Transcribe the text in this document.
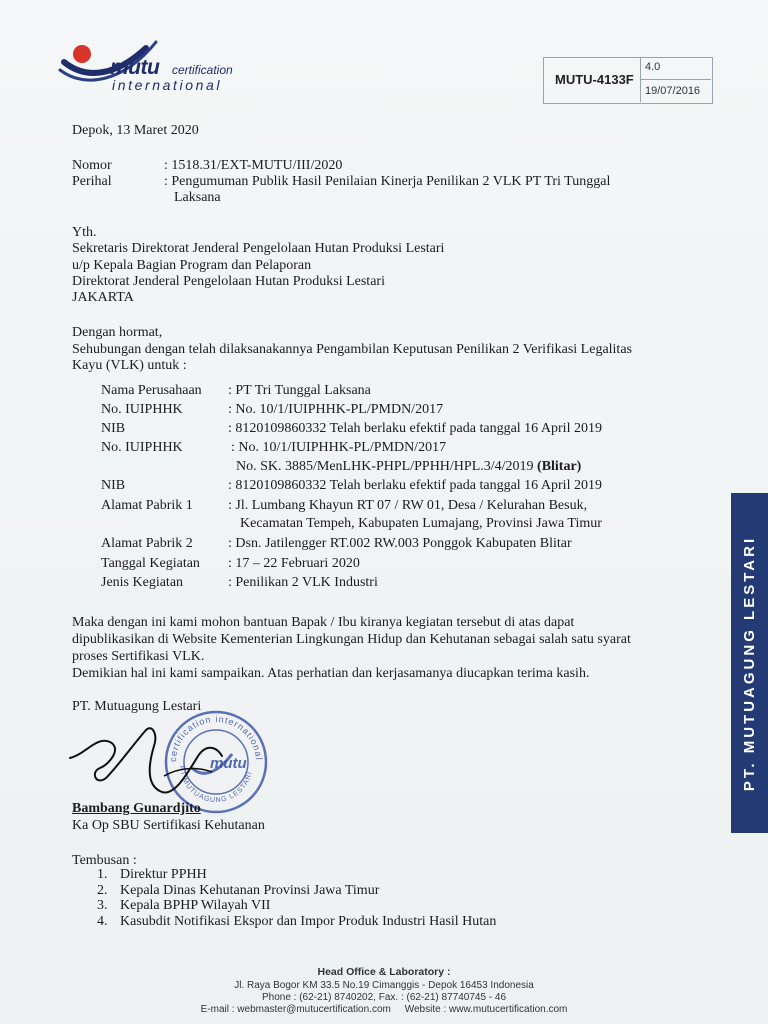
mutu certification
international	MUTU-4133F
4.0
19/07/2016
Depok, 13 Maret 2020
Nomor	: 1518.31/EXT-MUTU/III/2020
Perihal	: Pengumuman Publik Hasil Penilaian Kinerja Penilikan 2 VLK PT Tri Tunggal
Laksana
Yth.
Sekretaris Direktorat Jenderal Pengelolaan Hutan Produksi Lestari
u/p Kepala Bagian Program dan Pelaporan
Direktorat Jenderal Pengelolaan Hutan Produksi Lestari
JAKARTA
Dengan hormat,
Sehubungan dengan telah dilaksanakannya Pengambilan Keputusan Penilikan 2 Verifikasi Legalitas
Kayu (VLK) untuk :
Nama Perusahaan : PT Tri Tunggal Laksana
No. IUIPHHK	: No. 10/1/IUIPHHK-PL/PMDN/2017
NIB	: 8120109860332 Telah berlaku efektif pada tanggal 16 April 2019
No. IUIPHHK	: No. 10/1/IUIPHHK-PL/PMDN/2017
No. SK. 3885/MenLHK-PHPL/PPHH/HPL.3/4/2019 (Blitar)
NIB	: 8120109860332 Telah berlaku efektif pada tanggal 16 April 2019
Alamat Pabrik 1	: Jl. Lumbang Khayun RT 07 / RW 01, Desa / Kelurahan Besuk,
Kecamatan Tempeh, Kabupaten Lumajang, Provinsi Jawa Timur
Alamat Pabrik 2	: Dsn. Jatilengger RT.002 RW.003 Ponggok Kabupaten Blitar
Tanggal Kegiatan : 17 – 22 Februari 2020
Jenis Kegiatan	: Penilikan 2 VLK Industri
Maka dengan ini kami mohon bantuan Bapak / Ibu kiranya kegiatan tersebut di atas dapat
dipublikasikan di Website Kementerian Lingkungan Hidup dan Kehutanan sebagai salah satu syarat
proses Sertifikasi VLK.
Demikian hal ini kami sampaikan. Atas perhatian dan kerjasamanya diucapkan terima kasih.
PT. Mutuagung Lestari
certification international
PT MUTUAGUNG LESTARI
mutu
Bambang Gunardjito
Ka Op SBU Sertifikasi Kehutanan
Tembusan :
1. Direktur PPHH
2. Kepala Dinas Kehutanan Provinsi Jawa Timur
3. Kepala BPHP Wilayah VII
4. Kasubdit Notifikasi Ekspor dan Impor Produk Industri Hasil Hutan
PT. MUTUAGUNG LESTARI
Head Office & Laboratory :
Jl. Raya Bogor KM 33.5 No.19 Cimanggis - Depok 16453 Indonesia
Phone : (62-21) 8740202, Fax. : (62-21) 87740745 - 46
E-mail : webmaster@mutucertification.com     Website : www.mutucertification.com
